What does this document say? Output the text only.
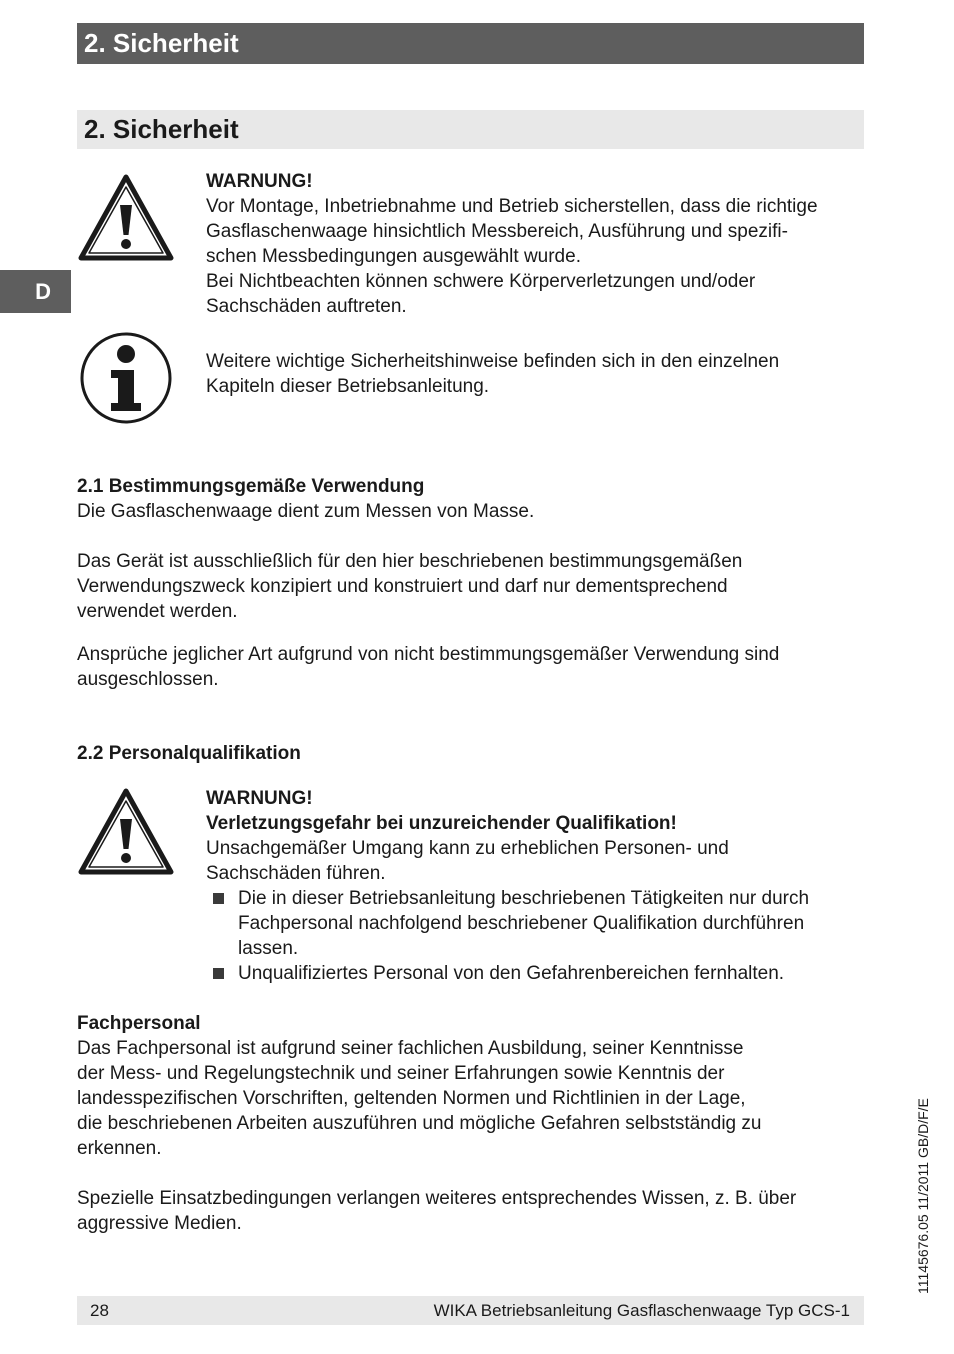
2. Sicherheit
2. Sicherheit
D
WARNUNG!
Vor Montage, Inbetriebnahme und Betrieb sicherstellen, dass die richtige
Gasflaschenwaage hinsichtlich Messbereich, Ausführung und spezifi-
schen Messbedingungen ausgewählt wurde.
Bei Nichtbeachten können schwere Körperverletzungen und/oder
Sachschäden auftreten.
Weitere wichtige Sicherheitshinweise befinden sich in den einzelnen
Kapiteln dieser Betriebsanleitung.
2.1 Bestimmungsgemäße Verwendung
Die Gasflaschenwaage dient zum Messen von Masse.
Das Gerät ist ausschließlich für den hier beschriebenen bestimmungsgemäßen
Verwendungszweck konzipiert und konstruiert und darf nur dementsprechend
verwendet werden.
Ansprüche jeglicher Art aufgrund von nicht bestimmungsgemäßer Verwendung sind
ausgeschlossen.
2.2 Personalqualifikation
WARNUNG!
Verletzungsgefahr bei unzureichender Qualifikation!
Unsachgemäßer Umgang kann zu erheblichen Personen- und
Sachschäden führen.
Die in dieser Betriebsanleitung beschriebenen Tätigkeiten nur durch
Fachpersonal nachfolgend beschriebener Qualifikation durchführen
lassen.
Unqualifiziertes Personal von den Gefahrenbereichen fernhalten.
Fachpersonal
Das Fachpersonal ist aufgrund seiner fachlichen Ausbildung, seiner Kenntnisse
der Mess- und Regelungstechnik und seiner Erfahrungen sowie Kenntnis der
landesspezifischen Vorschriften, geltenden Normen und Richtlinien in der Lage,
die beschriebenen Arbeiten auszuführen und mögliche Gefahren selbstständig zu
erkennen.
Spezielle Einsatzbedingungen verlangen weiteres entsprechendes Wissen, z. B. über
aggressive Medien.	11145676.05 11/2011 GB/D/F/E
28	WIKA Betriebsanleitung Gasflaschenwaage Typ GCS-1
